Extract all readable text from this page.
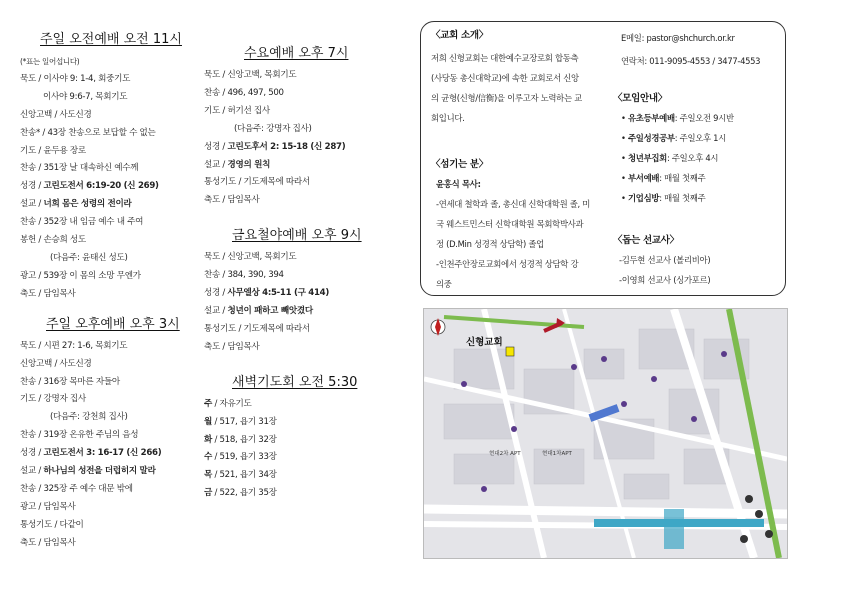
주일 오전예배 오전 11시
(*표는 일어섭니다)
묵도 / 이사야 9: 1-4, 회중기도
이사야 9:6-7, 목회기도
신앙고백 / 사도신경
찬송* / 43장 찬송으로 보답할 수 없는
기도 / 윤두용 장로
찬송 / 351장 날 대속하신 예수께
성경 / 고린도전서 6:19-20 (신 269)
설교 / 너희 몸은 성령의 전이라
찬송 / 352장 내 임금 예수 내 주여
봉헌 / 손승희 성도
(다음주: 윤태신 성도)
광고 / 539장 이 몸의 소망 무엔가
축도 / 담임목사
주일 오후예배 오후 3시
묵도 / 시편 27: 1-6, 목회기도
신앙고백 / 사도신경
찬송 / 316장 목마른 자들아
기도 / 강명자 집사
(다음주: 강천희 집사)
찬송 / 319장 온유한 주님의 음성
성경 / 고린도전서 3: 16-17 (신 266)
설교 / 하나님의 성전을 더럽히지 말라
찬송 / 325장 주 예수 대문 밖에
광고 / 담임목사
통성기도 / 다같이
축도 / 담임목사
수요예배 오후 7시
묵도 / 신앙고백, 목회기도
찬송 / 496, 497, 500
기도 / 허기선 집사
(다음주: 강명자 집사)
성경 / 고린도후서 2: 15-18 (신 287)
설교 / 경영의 원칙
통성기도 / 기도제목에 따라서
축도 / 담임목사
금요철야예배 오후 9시
묵도 / 신앙고백, 목회기도
찬송 / 384, 390, 394
성경 / 사무엘상 4:5-11 (구 414)
설교 / 청년이 패하고 빼앗겼다
통성기도 / 기도제목에 따라서
축도 / 담임목사
새벽기도회 오전 5:30
주 / 자유기도
월 / 517, 욥기 31장
화 / 518, 욥기 32장
수 / 519, 욥기 33장
목 / 521, 욥기 34장
금 / 522, 욥기 35장
〈교회 소개〉
저희 신형교회는 대한예수교장로회 합동측
(사당동 총신대학교)에 속한 교회로서 신앙
의 균형(신형/信衡)을 이루고자 노력하는 교
회입니다.
E메일: pastor@shchurch.or.kr
연락처: 011-9095-4553 / 3477-4553
〈섬기는 분〉
윤홍식 목사:
-연세대 철학과 졸, 총신대 신학대학원 졸, 미
국 웨스트민스터 신학대학원 목회학박사과
정 (D.Min 성경적 상담학) 졸업
-인천주안장로교회에서 성경적 상담학 강
의중
〈모임안내〉
• 유초등부예배: 주일오전 9시반
• 주일성경공부: 주일오후 1시
• 청년부집회: 주일오후 4시
• 부서예배: 매월 첫째주
• 기업심방: 매월 첫째주
〈돕는 선교사〉
-김두현 선교사 (볼리비아)
-이영희 선교사 (싱가포르)
신형교회
현대2차 APT	현대1차APT
